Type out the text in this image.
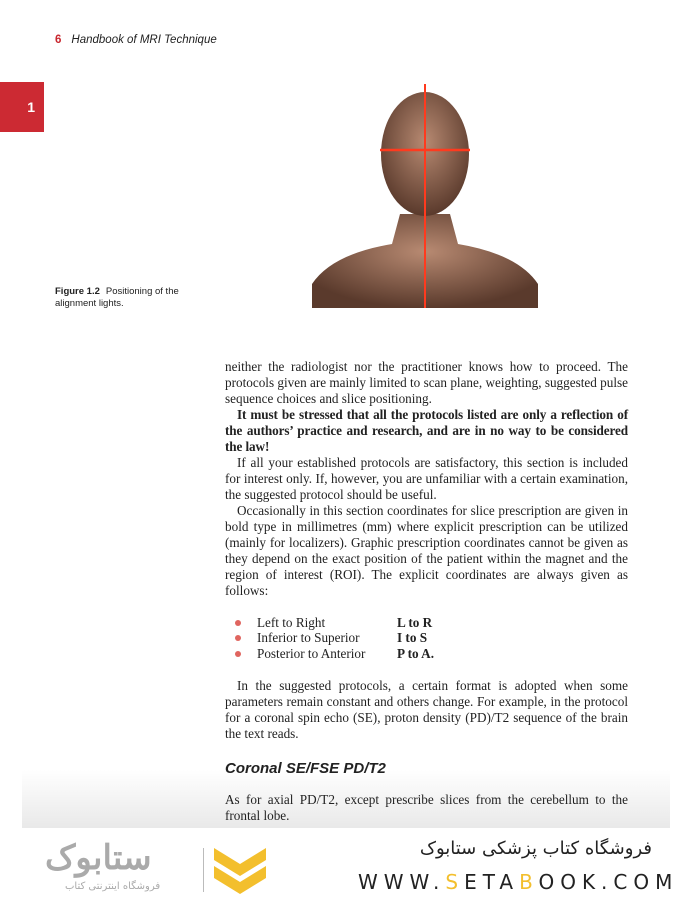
6 Handbook of MRI Technique
1
Figure 1.2 Positioning of the alignment lights.

neither the radiologist nor the practitioner knows how to proceed. The protocols given are mainly limited to scan plane, weighting, suggested pulse sequence choices and slice positioning.

It must be stressed that all the protocols listed are only a reflection of the authors’ practice and research, and are in no way to be considered the law!

If all your established protocols are satisfactory, this section is included for interest only. If, however, you are unfamiliar with a certain examination, the suggested protocol should be useful.

Occasionally in this section coordinates for slice prescription are given in bold type in millimetres (mm) where explicit prescription can be utilized (mainly for localizers). Graphic prescription coordinates cannot be given as they depend on the exact position of the patient within the magnet and the region of interest (ROI). The explicit coordinates are always given as follows:

Left to Right	L to R
Inferior to Superior	I to S
Posterior to Anterior	P to A.

In the suggested protocols, a certain format is adopted when some parameters remain constant and others change. For example, in the protocol for a coronal spin echo (SE), proton density (PD)/T2 sequence of the brain the text reads.

Coronal SE/FSE PD/T2
As for axial PD/T2, except prescribe slices from the cerebellum to the frontal lobe.
ستابوک
فروشگاه اینترنتی کتاب
فروشگاه کتاب پزشکی ستابوک
WWW.SETABOOK.COM
